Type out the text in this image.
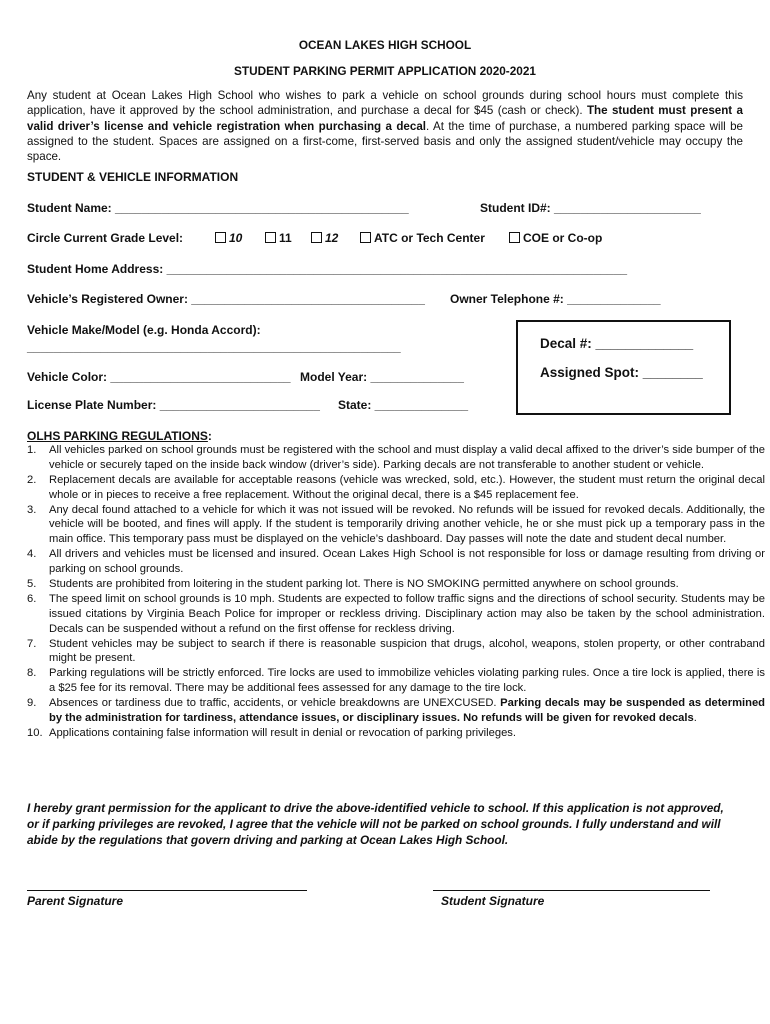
OCEAN LAKES HIGH SCHOOL
STUDENT PARKING PERMIT APPLICATION 2020-2021
Any student at Ocean Lakes High School who wishes to park a vehicle on school grounds during school hours must complete this application, have it approved by the school administration, and purchase a decal for $45 (cash or check). The student must present a valid driver’s license and vehicle registration when purchasing a decal. At the time of purchase, a numbered parking space will be assigned to the student. Spaces are assigned on a first-come, first-served basis and only the assigned student/vehicle may occupy the space.
STUDENT & VEHICLE INFORMATION
Student Name: ____________________________________________	Student ID#: ______________________
Circle Current Grade Level:	10	11	12	ATC or Tech Center	COE or Co-op
Student Home Address: _____________________________________________________________________
Vehicle’s Registered Owner: ___________________________________ Owner Telephone #: ______________
Vehicle Make/Model (e.g. Honda Accord):
________________________________________________________
Vehicle Color: ___________________________ Model Year: ______________
License Plate Number: ________________________ State: ______________
Decal #: _____________
Assigned Spot: ________
OLHS PARKING REGULATIONS:
1. All vehicles parked on school grounds must be registered with the school and must display a valid decal affixed to the driver’s side bumper of the vehicle or securely taped on the inside back window (driver’s side). Parking decals are not transferable to another student or vehicle.
2. Replacement decals are available for acceptable reasons (vehicle was wrecked, sold, etc.). However, the student must return the original decal whole or in pieces to receive a free replacement. Without the original decal, there is a $45 replacement fee.
3. Any decal found attached to a vehicle for which it was not issued will be revoked. No refunds will be issued for revoked decals. Additionally, the vehicle will be booted, and fines will apply. If the student is temporarily driving another vehicle, he or she must pick up a temporary pass in the main office. This temporary pass must be displayed on the vehicle’s dashboard. Day passes will note the date and student decal number.
4. All drivers and vehicles must be licensed and insured. Ocean Lakes High School is not responsible for loss or damage resulting from driving or parking on school grounds.
5. Students are prohibited from loitering in the student parking lot. There is NO SMOKING permitted anywhere on school grounds.
6. The speed limit on school grounds is 10 mph. Students are expected to follow traffic signs and the directions of school security. Students may be issued citations by Virginia Beach Police for improper or reckless driving. Disciplinary action may also be taken by the school administration. Decals can be suspended without a refund on the first offense for reckless driving.
7. Student vehicles may be subject to search if there is reasonable suspicion that drugs, alcohol, weapons, stolen property, or other contraband might be present.
8. Parking regulations will be strictly enforced. Tire locks are used to immobilize vehicles violating parking rules. Once a tire lock is applied, there is a $25 fee for its removal. There may be additional fees assessed for any damage to the tire lock.
9. Absences or tardiness due to traffic, accidents, or vehicle breakdowns are UNEXCUSED. Parking decals may be suspended as determined by the administration for tardiness, attendance issues, or disciplinary issues. No refunds will be given for revoked decals.
10. Applications containing false information will result in denial or revocation of parking privileges.
I hereby grant permission for the applicant to drive the above-identified vehicle to school. If this application is not approved, or if parking privileges are revoked, I agree that the vehicle will not be parked on school grounds. I fully understand and will abide by the regulations that govern driving and parking at Ocean Lakes High School.
Parent Signature	Student Signature
